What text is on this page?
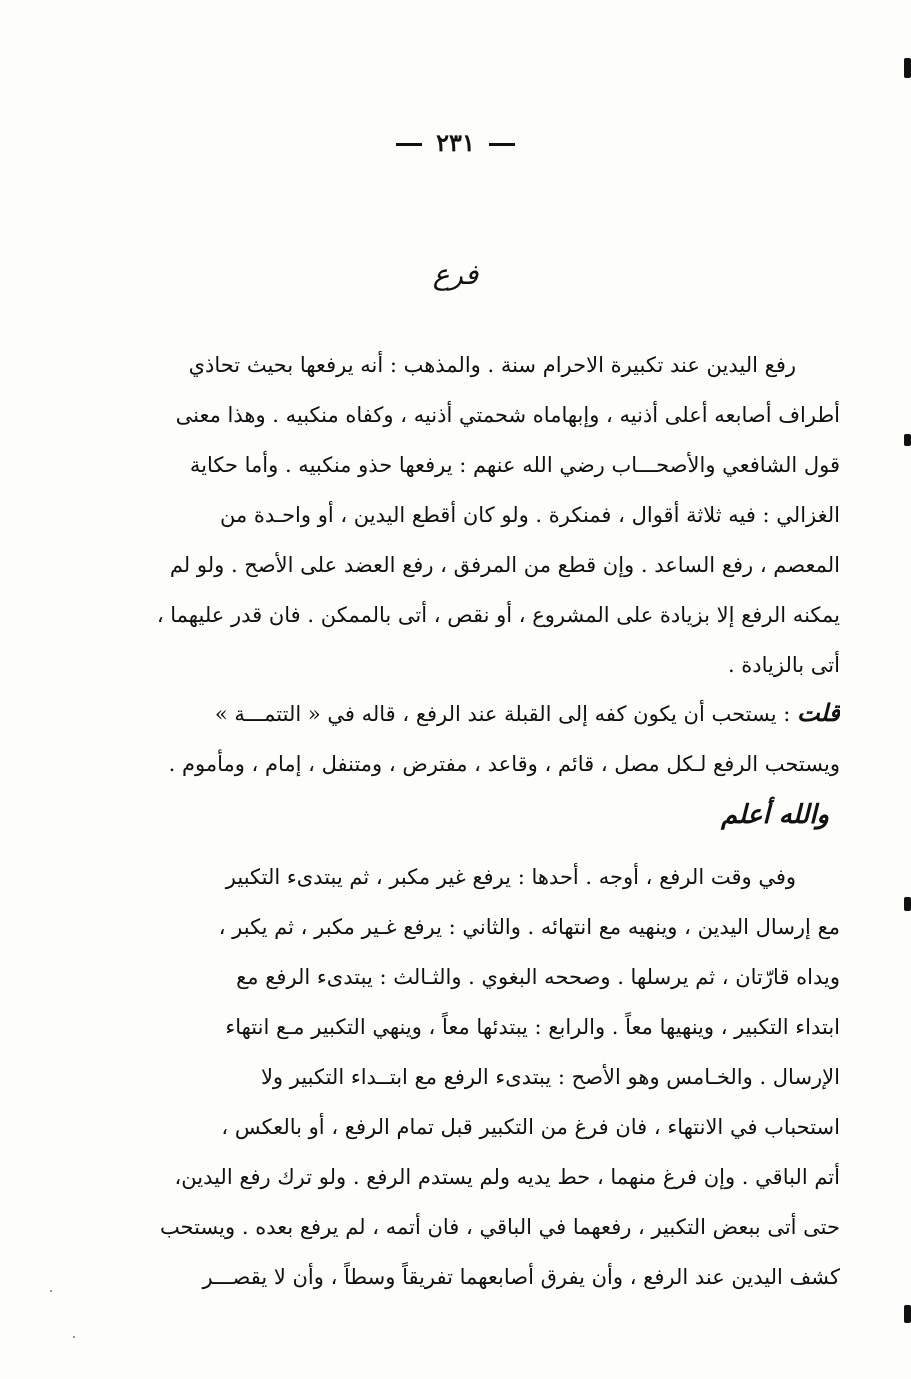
٢٣١
فرع
رفع اليدين عند تكبيرة الاحرام سنة . والمذهب : أنه يرفعها بحيث تحاذي
أطراف أصابعه أعلى أذنيه ، وإبهاماه شحمتي أذنيه ، وكفاه منكبيه . وهذا معنى
قول الشافعي والأصحـــاب رضي الله عنهم : يرفعها حذو منكبيه . وأما حكاية
الغزالي : فيه ثلاثة أقوال ، فمنكرة . ولو كان أقطع اليدين ، أو واحـدة من
المعصم ، رفع الساعد . وإن قطع من المرفق ، رفع العضد على الأصح . ولو لم
يمكنه الرفع إلا بزيادة على المشروع ، أو نقص ، أتى بالممكن . فان قدر عليهما ،
أتى بالزيادة .
قلت : يستحب أن يكون كفه إلى القبلة عند الرفع ، قاله في « التتمـــة »
ويستحب الرفع لـكل مصل ، قائم ، وقاعد ، مفترض ، ومتنفل ، إمام ، ومأموم .
والله أعلم
وفي وقت الرفع ، أوجه . أحدها : يرفع غير مكبر ، ثم يبتدىء التكبير
مع إرسال اليدين ، وينهيه مع انتهائه . والثاني : يرفع غـير مكبر ، ثم يكبر ،
ويداه قارّتان ، ثم يرسلها . وصححه البغوي . والثـالث : يبتدىء الرفع مع
ابتداء التكبير ، وينهيها معاً . والرابع : يبتدئها معاً ، وينهي التكبير مـع انتهاء
الإرسال . والخـامس وهو الأصح : يبتدىء الرفع مع ابتــداء التكبير ولا
استحباب في الانتهاء ، فان فرغ من التكبير قبل تمام الرفع ، أو بالعكس ،
أتم الباقي . وإن فرغ منهما ، حط يديه ولم يستدم الرفع . ولو ترك رفع اليدين،
حتى أتى ببعض التكبير ، رفعهما في الباقي ، فان أتمه ، لم يرفع بعده . ويستحب
كشف اليدين عند الرفع ، وأن يفرق أصابعهما تفريقاً وسطاً ، وأن لا يقصـــر
